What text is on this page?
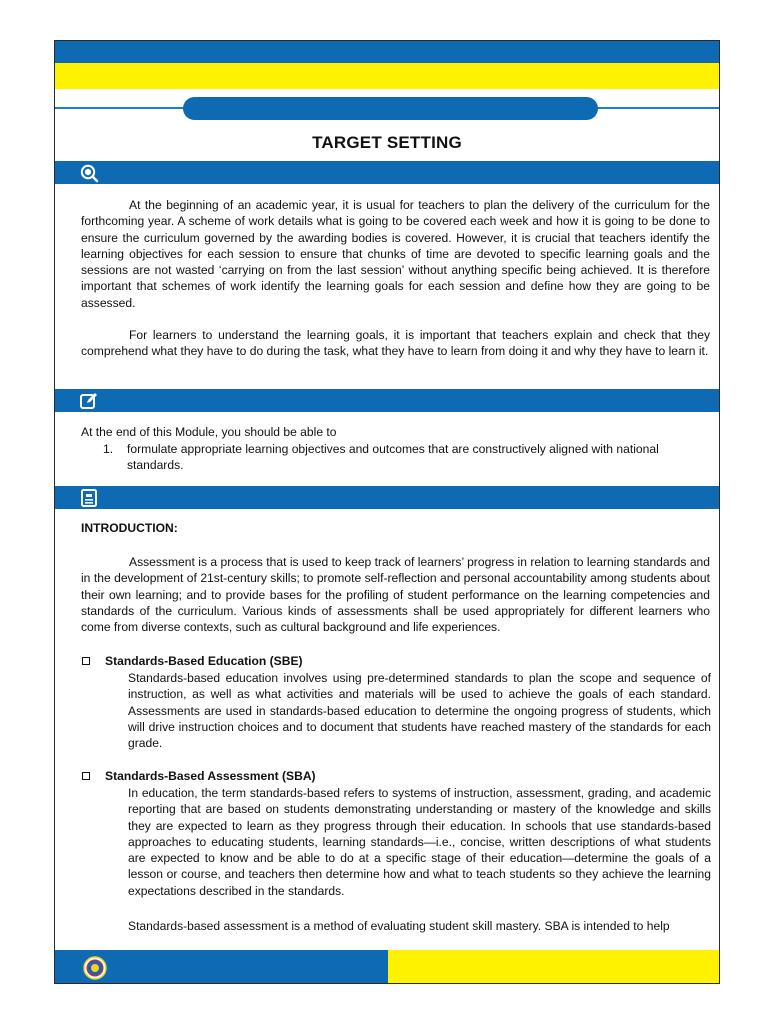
TARGET SETTING

At the beginning of an academic year, it is usual for teachers to plan the delivery of the curriculum for the forthcoming year. A scheme of work details what is going to be covered each week and how it is going to be done to ensure the curriculum governed by the awarding bodies is covered. However, it is crucial that teachers identify the learning objectives for each session to ensure that chunks of time are devoted to specific learning goals and the sessions are not wasted ‘carrying on from the last session’ without anything specific being achieved. It is therefore important that schemes of work identify the learning goals for each session and define how they are going to be assessed.

For learners to understand the learning goals, it is important that teachers explain and check that they comprehend what they have to do during the task, what they have to learn from doing it and why they have to learn it.

At the end of this Module, you should be able to
1. formulate appropriate learning objectives and outcomes that are constructively aligned with national standards.
INTRODUCTION:

Assessment is a process that is used to keep track of learners’ progress in relation to learning standards and in the development of 21st-century skills; to promote self-reflection and personal accountability among students about their own learning; and to provide bases for the profiling of student performance on the learning competencies and standards of the curriculum. Various kinds of assessments shall be used appropriately for different learners who come from diverse contexts, such as cultural background and life experiences.

Standards-Based Education (SBE)
Standards-based education involves using pre-determined standards to plan the scope and sequence of instruction, as well as what activities and materials will be used to achieve the goals of each standard. Assessments are used in standards-based education to determine the ongoing progress of students, which will drive instruction choices and to document that students have reached mastery of the standards for each grade.
Standards-Based Assessment (SBA)
In education, the term standards-based refers to systems of instruction, assessment, grading, and academic reporting that are based on students demonstrating understanding or mastery of the knowledge and skills they are expected to learn as they progress through their education. In schools that use standards-based approaches to educating students, learning standards—i.e., concise, written descriptions of what students are expected to know and be able to do at a specific stage of their education—determine the goals of a lesson or course, and teachers then determine how and what to teach students so they achieve the learning expectations described in the standards.
Standards-based assessment is a method of evaluating student skill mastery. SBA is intended to help
